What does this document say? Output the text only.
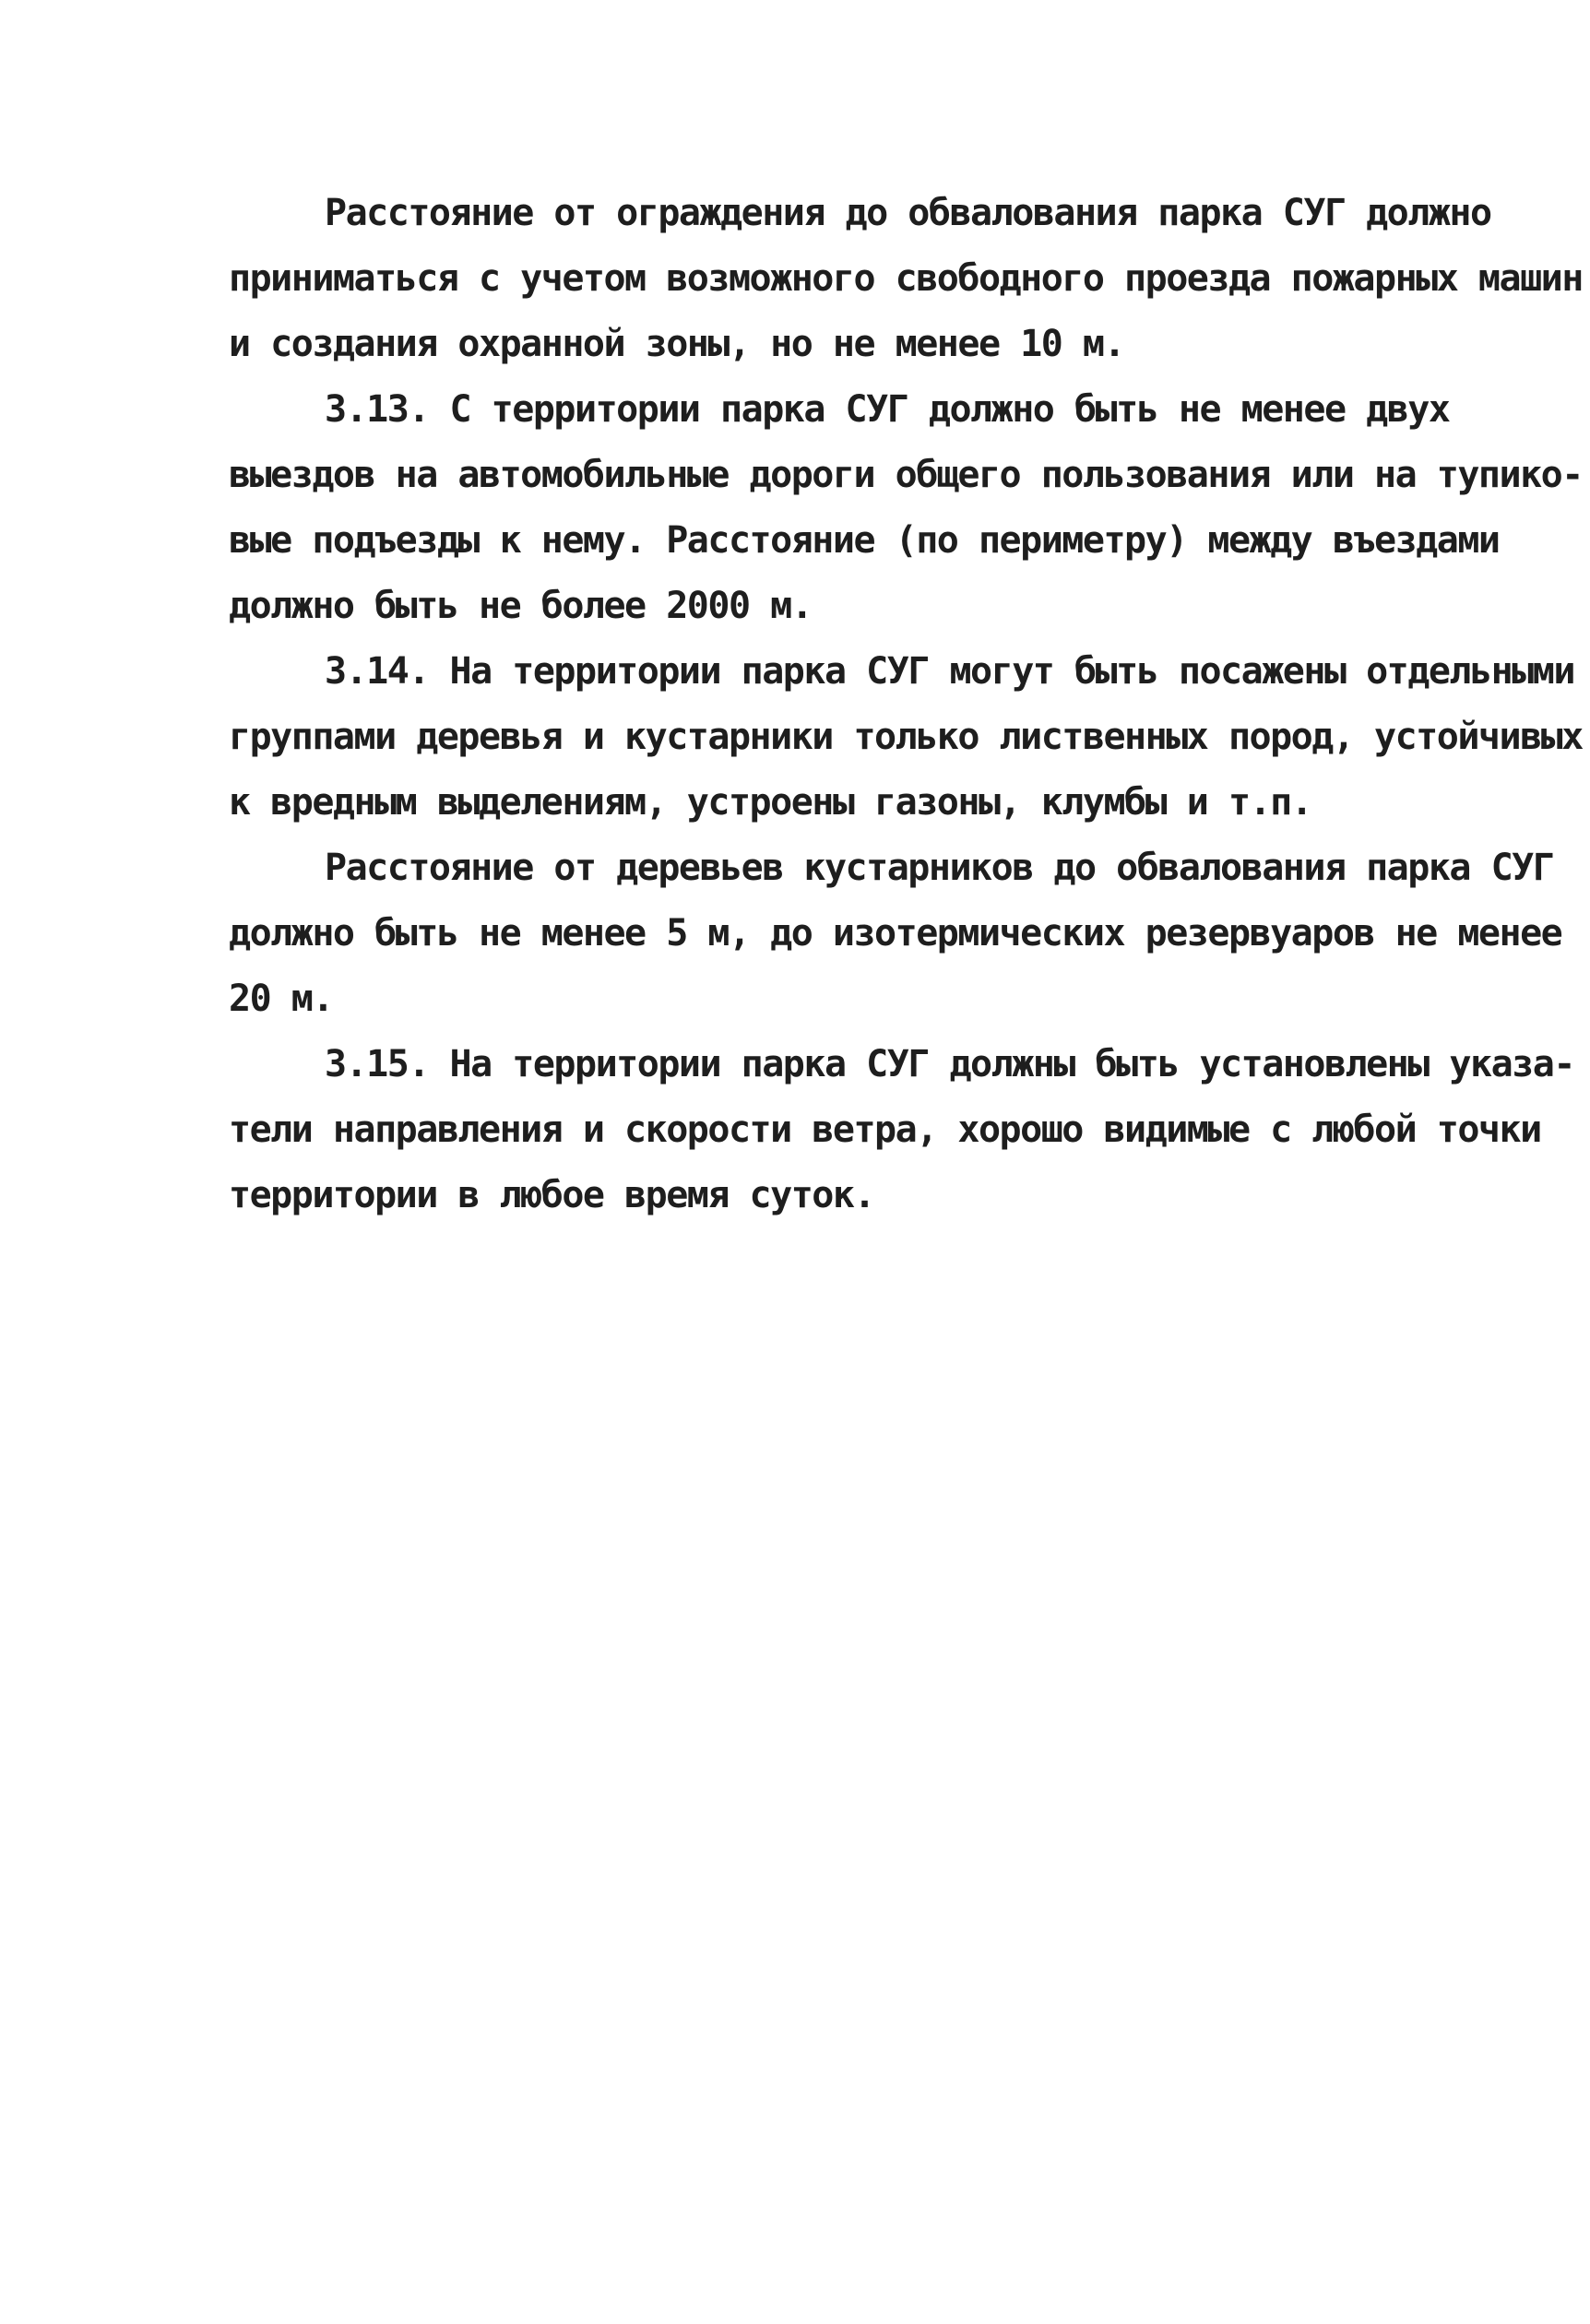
Расстояние от ограждения до обвалования парка СУГ должно
приниматься с учетом возможного свободного проезда пожарных машин
и создания охранной зоны, но не менее 10 м.
3.13. С территории парка СУГ должно быть не менее двух
выездов на автомобильные дороги общего пользования или на тупико-
вые подъезды к нему. Расстояние (по периметру) между въездами
должно быть не более 2000 м.
3.14. На территории парка СУГ могут быть посажены отдельными
группами деревья и кустарники только лиственных пород, устойчивых
к вредным выделениям, устроены газоны, клумбы и т.п.
Расстояние от деревьев кустарников до обвалования парка СУГ
должно быть не менее 5 м, до изотермических резервуаров не менее
20 м.
3.15. На территории парка СУГ должны быть установлены указа-
тели направления и скорости ветра, хорошо видимые с любой точки
территории в любое время суток.
